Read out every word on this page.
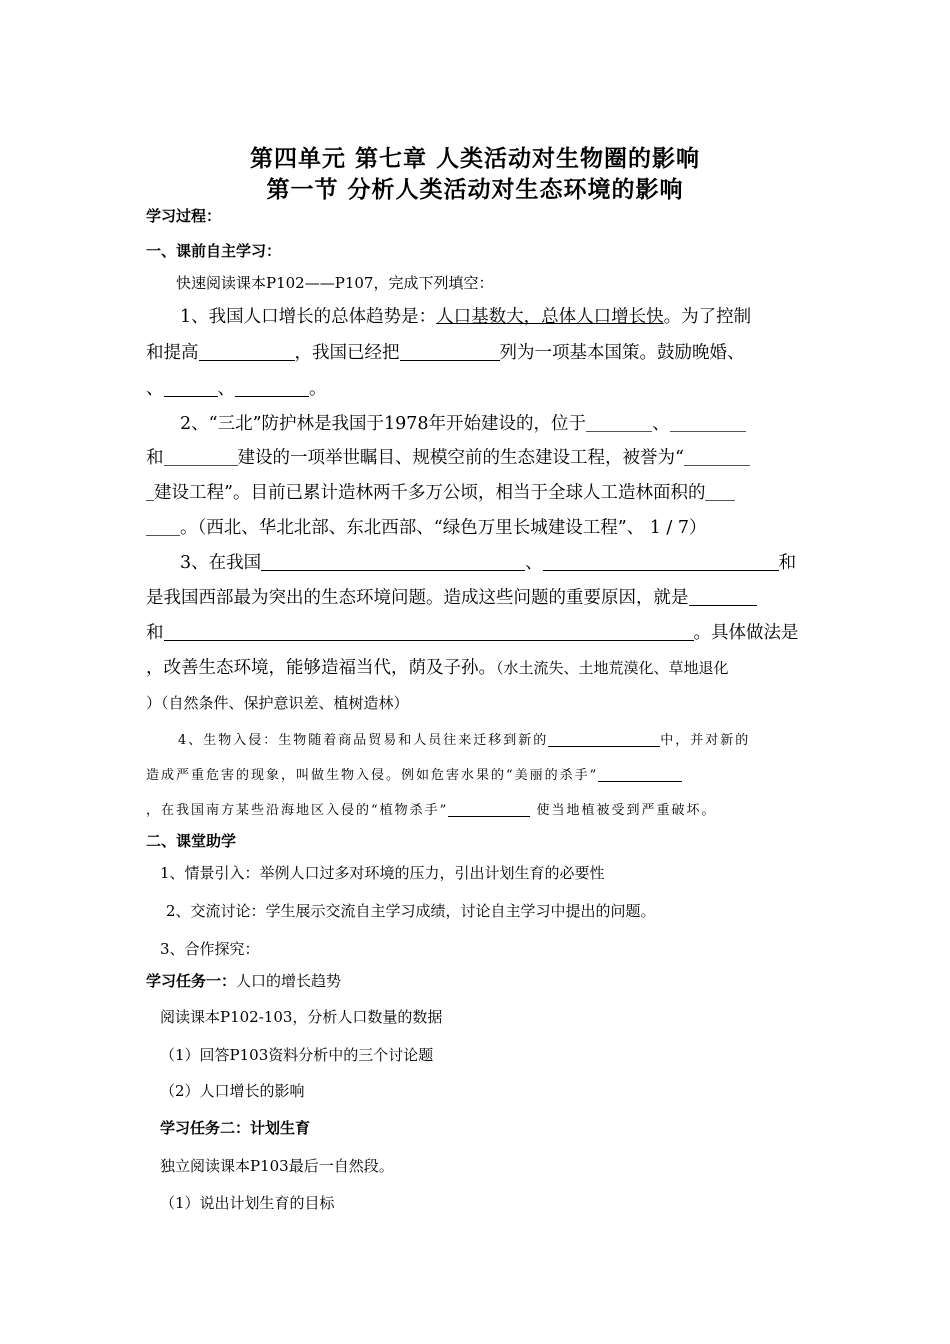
第四单元 第七章 人类活动对生物圈的影响
第一节 分析人类活动对生态环境的影响
学习过程：
一、课前自主学习：
快速阅读课本P102——P107，完成下列填空：
1、我国人口增长的总体趋势是：人口基数大，总体人口增长快。为了控制
和提高	，我国已经把	列为一项基本国策。鼓励晚婚、
、	、	。
2、“三北”防护林是我国于1978年开始建设的，位于	、
和	建设的一项举世瞩目、规模空前的生态建设工程，被誉为“
建设工程”。目前已累计造林两千多万公顷，相当于全球人工造林面积的
。（西北、华北北部、东北西部、“绿色万里长城建设工程”、 1 / 7）
3、在我国	、	和
是我国西部最为突出的生态环境问题。造成这些问题的重要原因，就是
和	。具体做法是
，改善生态环境，能够造福当代，荫及子孙。（水土流失、土地荒漠化、草地退化
）（自然条件、保护意识差、植树造林）
4、生物入侵：生物随着商品贸易和人员往来迁移到新的	中，并对新的
造成严重危害的现象，叫做生物入侵。例如危害水果的“美丽的杀手”
，在我国南方某些沿海地区入侵的“植物杀手”	使当地植被受到严重破坏。
二、课堂助学
1、情景引入：举例人口过多对环境的压力，引出计划生育的必要性
2、交流讨论：学生展示交流自主学习成绩，讨论自主学习中提出的问题。
3、合作探究：
学习任务一：人口的增长趋势
阅读课本P102-103，分析人口数量的数据
（1）回答P103资料分析中的三个讨论题
（2）人口增长的影响
学习任务二：计划生育
独立阅读课本P103最后一自然段。
（1）说出计划生育的目标
